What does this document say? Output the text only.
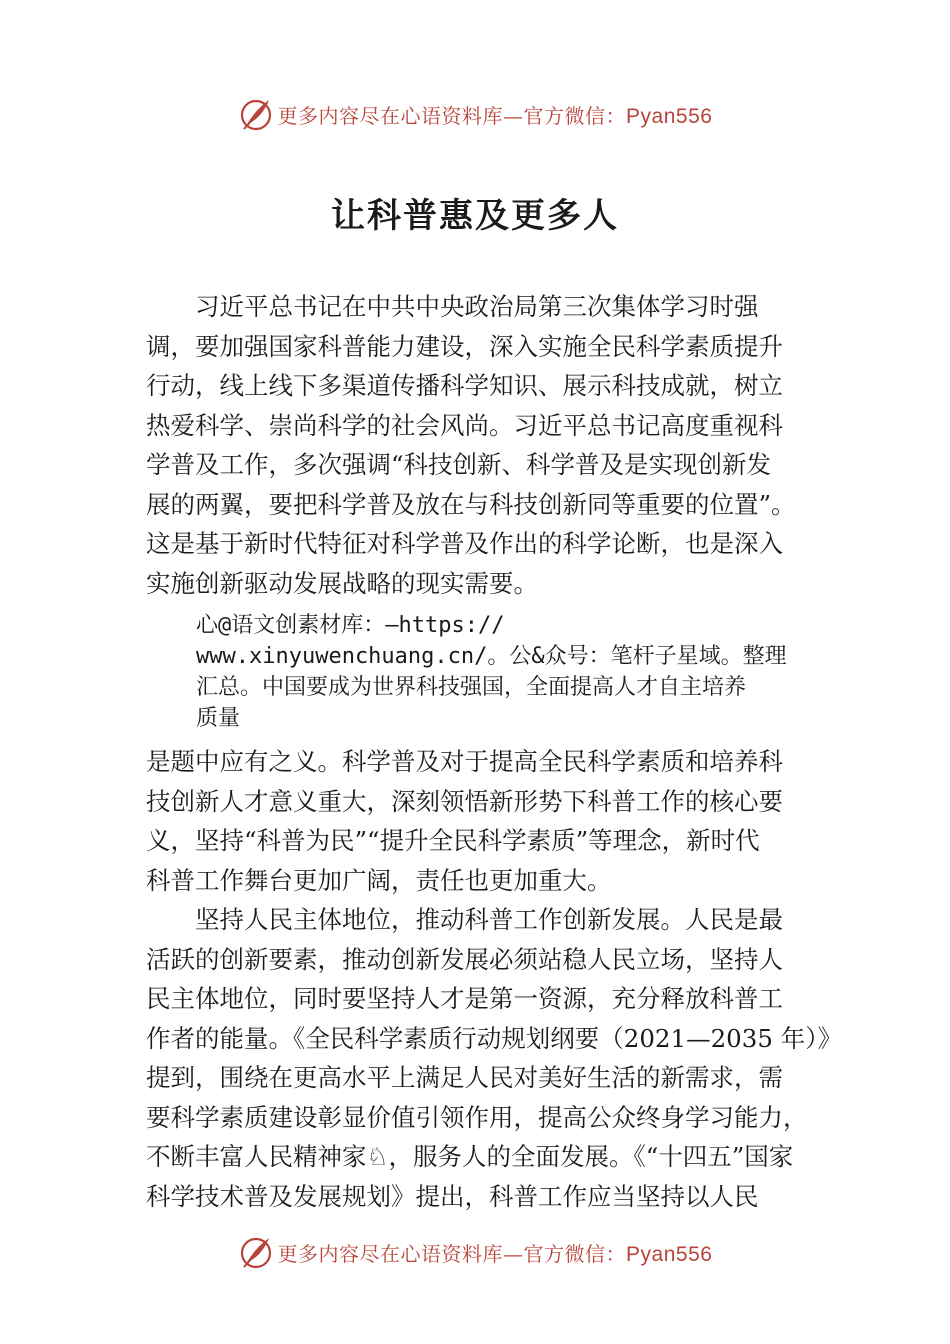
更多内容尽在心语资料库—官方微信：Pyan556
让科普惠及更多人
习近平总书记在中共中央政治局第三次集体学习时强
调，要加强国家科普能力建设，深入实施全民科学素质提升
行动，线上线下多渠道传播科学知识、展示科技成就，树立
热爱科学、崇尚科学的社会风尚。习近平总书记高度重视科
学普及工作，多次强调“科技创新、科学普及是实现创新发
展的两翼，要把科学普及放在与科技创新同等重要的位置”。
这是基于新时代特征对科学普及作出的科学论断，也是深入
实施创新驱动发展战略的现实需要。
心@语文创素材库：—https://
www.xinyuwenchuang.cn/。公&众号：笔杆子星域。整理
汇总。中国要成为世界科技强国，全面提高人才自主培养
质量
是题中应有之义。科学普及对于提高全民科学素质和培养科
技创新人才意义重大，深刻领悟新形势下科普工作的核心要
义，坚持“科普为民”“提升全民科学素质”等理念，新时代
科普工作舞台更加广阔，责任也更加重大。
坚持人民主体地位，推动科普工作创新发展。人民是最
活跃的创新要素，推动创新发展必须站稳人民立场，坚持人
民主体地位，同时要坚持人才是第一资源，充分释放科普工
作者的能量。《全民科学素质行动规划纲要（2021—2035 年）》
提到，围绕在更高水平上满足人民对美好生活的新需求，需
要科学素质建设彰显价值引领作用，提高公众终身学习能力，
不断丰富人民精神家♘，服务人的全面发展。《“十四五”国家
科学技术普及发展规划》提出，科普工作应当坚持以人民
更多内容尽在心语资料库—官方微信：Pyan556
